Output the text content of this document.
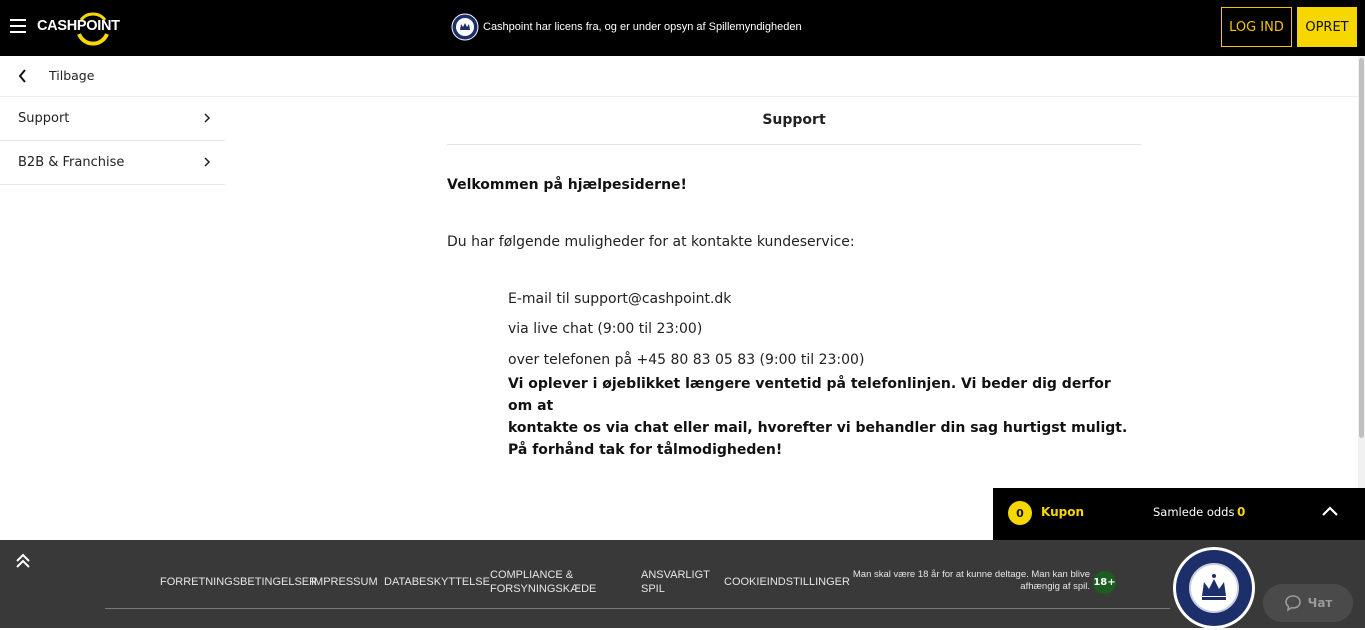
CASHPOINT	Cashpoint har licens fra, og er under opsyn af Spillemyndigheden	LOG IND	OPRET
Tilbage
Support
B2B & Franchise
Support
Velkommen på hjælpesiderne!
Du har følgende muligheder for at kontakte kundeservice:
E-mail til support@cashpoint.dk
via live chat (9:00 til 23:00)
over telefonen på +45 80 83 05 83 (9:00 til 23:00)
Vi oplever i øjeblikket længere ventetid på telefonlinjen. Vi beder dig derfor om at
kontakte os via chat eller mail, hvorefter vi behandler din sag hurtigst muligt.
På forhånd tak for tålmodigheden!
0	Kupon	Samlede odds 0
FORRETNINGSBETINGELSER
IMPRESSUM DATABESKYTTELSE
COMPLIANCE &
FORSYNINGSKÆDE
ANSVARLIGT
SPIL
COOKIEINDSTILLINGER
Man skal være 18 år for at kunne deltage. Man kan blive
afhængig af spil. 18+
Чат
